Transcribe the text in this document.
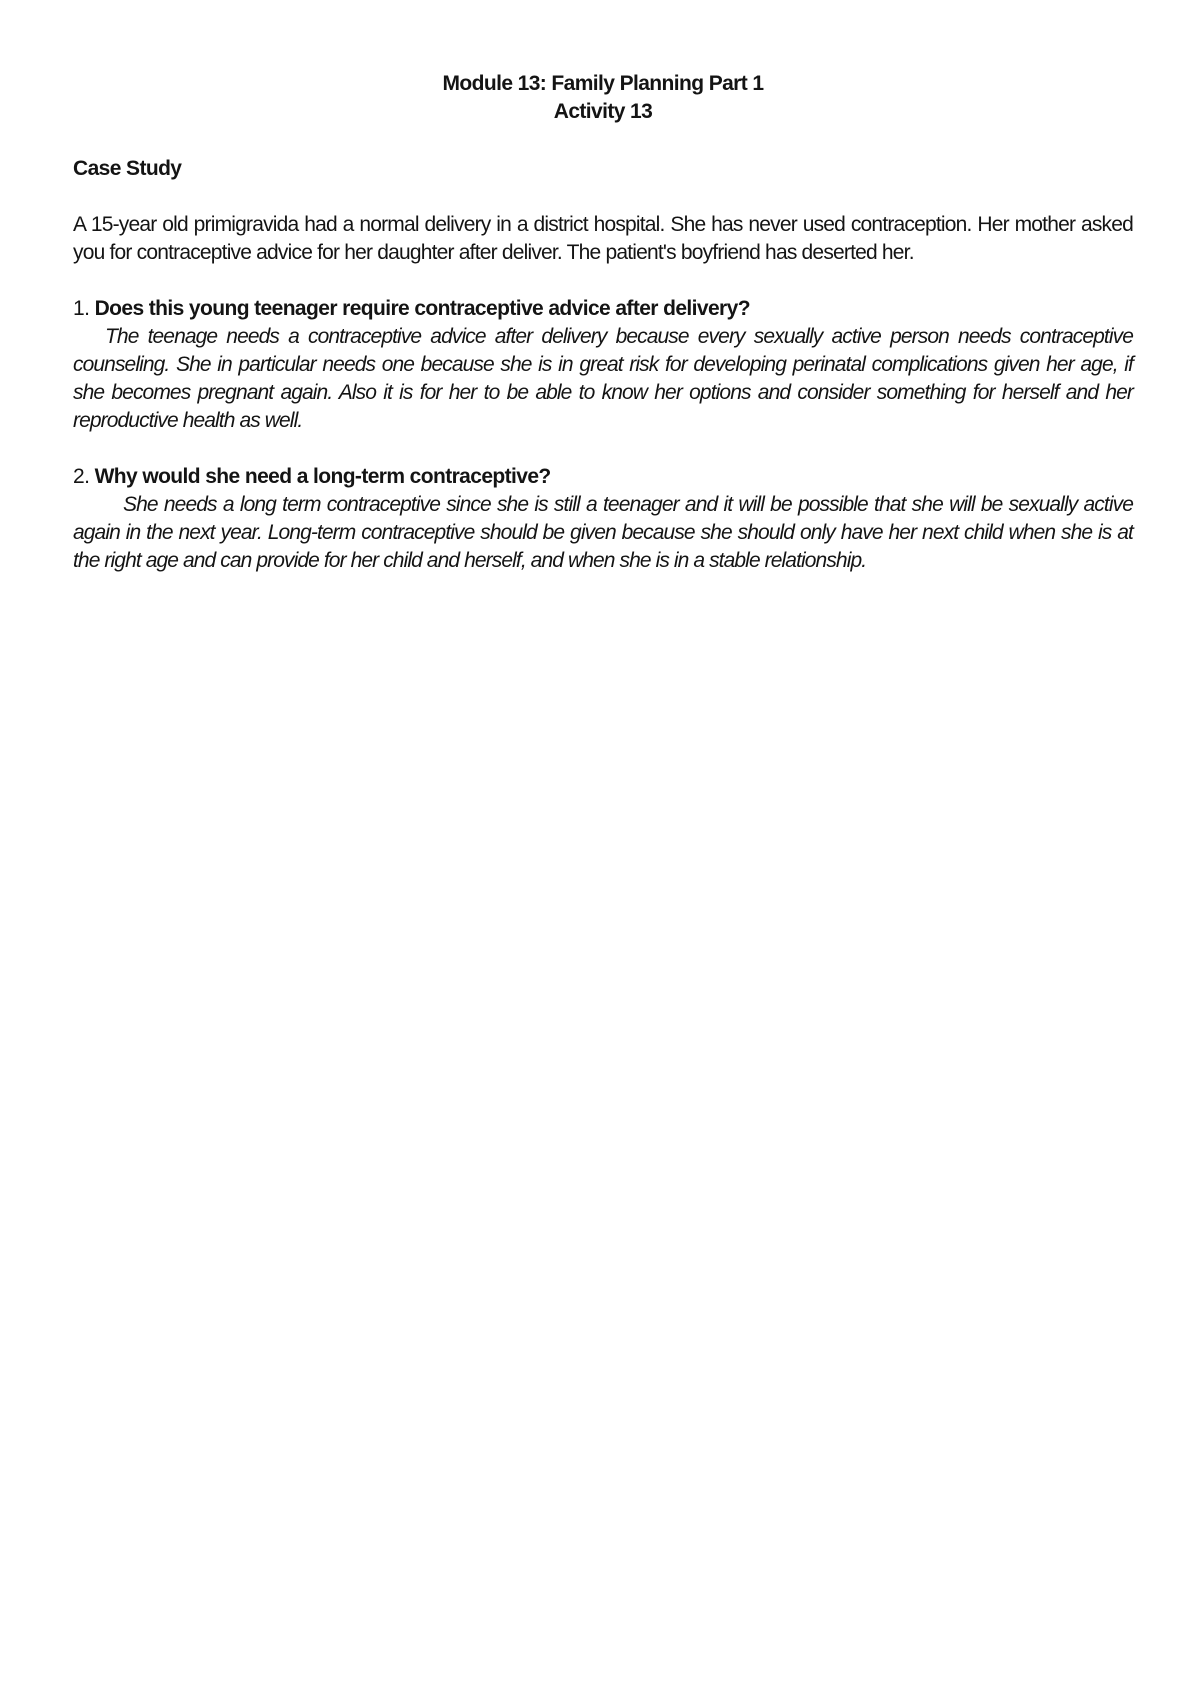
Module 13: Family Planning Part 1
Activity 13
Case Study
A 15-year old primigravida had a normal delivery in a district hospital. She has never used contraception. Her mother asked you for contraceptive advice for her daughter after deliver. The patient's boyfriend has deserted her.
1. Does this young teenager require contraceptive advice after delivery?
The teenage needs a contraceptive advice after delivery because every sexually active person needs contraceptive counseling. She in particular needs one because she is in great risk for developing perinatal complications given her age, if she becomes pregnant again. Also it is for her to be able to know her options and consider something for herself and her reproductive health as well.
2. Why would she need a long-term contraceptive?
She needs a long term contraceptive since she is still a teenager and it will be possible that she will be sexually active again in the next year. Long-term contraceptive should be given because she should only have her next child when she is at the right age and can provide for her child and herself, and when she is in a stable relationship.
